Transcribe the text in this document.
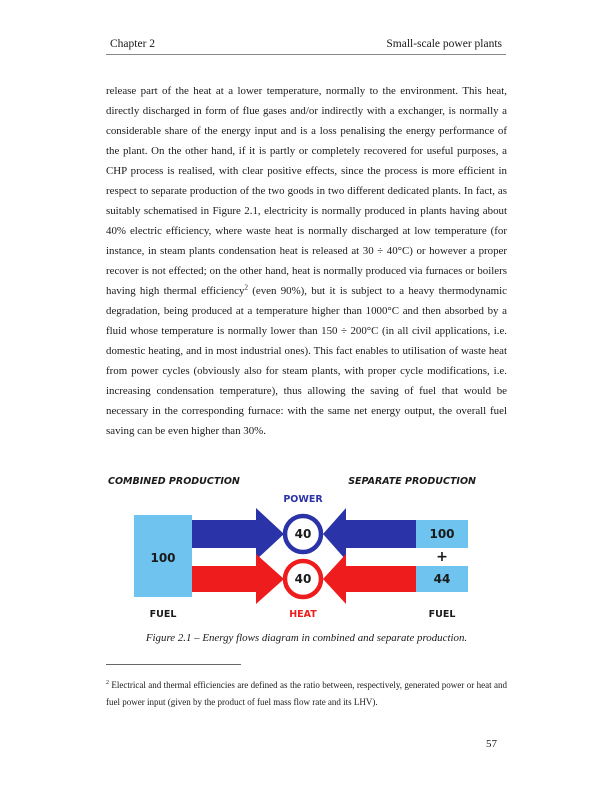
Chapter 2	Small-scale power plants
release part of the heat at a lower temperature, normally to the environment. This heat, directly discharged in form of flue gases and/or indirectly with a exchanger, is normally a considerable share of the energy input and is a loss penalising the energy performance of the plant. On the other hand, if it is partly or completely recovered for useful purposes, a CHP process is realised, with clear positive effects, since the process is more efficient in respect to separate production of the two goods in two different dedicated plants. In fact, as suitably schematised in Figure 2.1, electricity is normally produced in plants having about 40% electric efficiency, where waste heat is normally discharged at low temperature (for instance, in steam plants condensation heat is released at 30 ÷ 40°C) or however a proper recover is not effected; on the other hand, heat is normally produced via furnaces or boilers having high thermal efficiency$^2$ (even 90%), but it is subject to a heavy thermodynamic degradation, being produced at a temperature higher than 1000°C and then absorbed by a fluid whose temperature is normally lower than 150 ÷ 200°C (in all civil applications, i.e. domestic heating, and in most industrial ones). This fact enables to utilisation of waste heat from power cycles (obviously also for steam plants, with proper cycle modifications, i.e. increasing condensation temperature), thus allowing the saving of fuel that would be necessary in the corresponding furnace: with the same net energy output, the overall fuel saving can be even higher than 30%.
COMBINED PRODUCTION	SEPARATE PRODUCTION
POWER
100
40
40
100
+
44
FUEL	HEAT	FUEL
Figure 2.1 – Energy flows diagram in combined and separate production.
$^2$ Electrical and thermal efficiencies are defined as the ratio between, respectively, generated power or heat and fuel power input (given by the product of fuel mass flow rate and its LHV).
57
